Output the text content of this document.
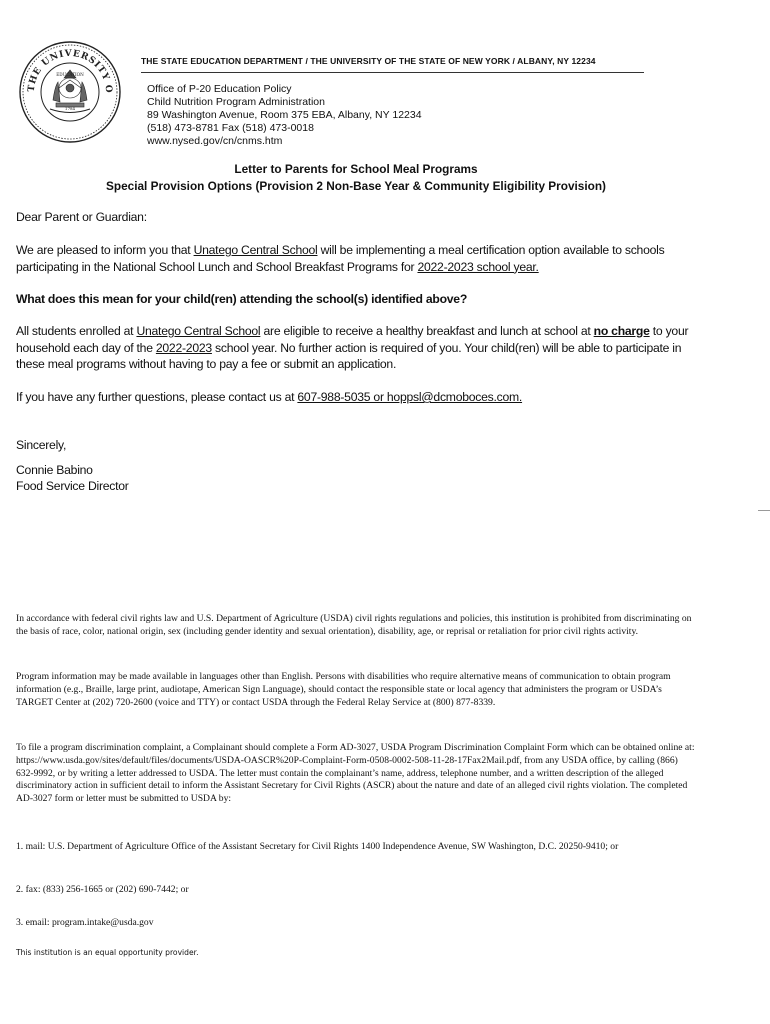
THE UNIVERSITY O
1784
EDUCATION
THE STATE EDUCATION DEPARTMENT / THE UNIVERSITY OF THE STATE OF NEW YORK / ALBANY, NY 12234
Office of P-20 Education Policy
Child Nutrition Program Administration
89 Washington Avenue, Room 375 EBA, Albany, NY 12234
(518) 473-8781 Fax (518) 473-0018
www.nysed.gov/cn/cnms.htm
Letter to Parents for School Meal Programs
Special Provision Options (Provision 2 Non-Base Year & Community Eligibility Provision)
Dear Parent or Guardian:

We are pleased to inform you that Unatego Central School will be implementing a meal certification option available to schools participating in the National School Lunch and School Breakfast Programs for 2022-2023 school year.

What does this mean for your child(ren) attending the school(s) identified above?

All students enrolled at Unatego Central School are eligible to receive a healthy breakfast and lunch at school at no charge to your household each day of the 2022-2023 school year. No further action is required of you. Your child(ren) will be able to participate in these meal programs without having to pay a fee or submit an application.

If you have any further questions, please contact us at 607-988-5035 or hoppsl@dcmoboces.com.

Sincerely,
Connie Babino
Food Service Director

In accordance with federal civil rights law and U.S. Department of Agriculture (USDA) civil rights regulations and policies, this institution is prohibited from discriminating on the basis of race, color, national origin, sex (including gender identity and sexual orientation), disability, age, or reprisal or retaliation for prior civil rights activity.

Program information may be made available in languages other than English. Persons with disabilities who require alternative means of communication to obtain program information (e.g., Braille, large print, audiotape, American Sign Language), should contact the responsible state or local agency that administers the program or USDA’s TARGET Center at (202) 720-2600 (voice and TTY) or contact USDA through the Federal Relay Service at (800) 877-8339.

To file a program discrimination complaint, a Complainant should complete a Form AD-3027, USDA Program Discrimination Complaint Form which can be obtained online at: https://www.usda.gov/sites/default/files/documents/USDA-OASCR%20P-Complaint-Form-0508-0002-508-11-28-17Fax2Mail.pdf, from any USDA office, by calling (866) 632-9992, or by writing a letter addressed to USDA. The letter must contain the complainant’s name, address, telephone number, and a written description of the alleged discriminatory action in sufficient detail to inform the Assistant Secretary for Civil Rights (ASCR) about the nature and date of an alleged civil rights violation. The completed AD-3027 form or letter must be submitted to USDA by:

1. mail: U.S. Department of Agriculture Office of the Assistant Secretary for Civil Rights 1400 Independence Avenue, SW Washington, D.C. 20250-9410; or

2. fax: (833) 256-1665 or (202) 690-7442; or

3. email: program.intake@usda.gov

This institution is an equal opportunity provider.
